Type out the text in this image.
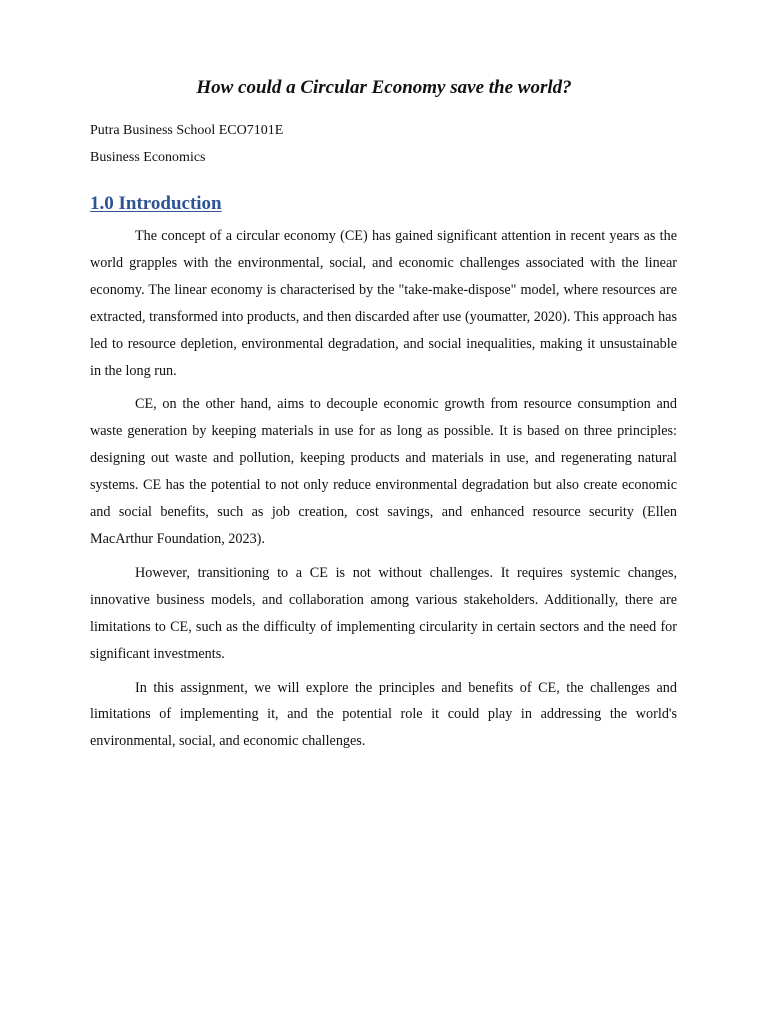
How could a Circular Economy save the world?

Putra Business School ECO7101E

Business Economics

1.0 Introduction

The concept of a circular economy (CE) has gained significant attention in recent years as the world grapples with the environmental, social, and economic challenges associated with the linear economy. The linear economy is characterised by the "take-make-dispose" model, where resources are extracted, transformed into products, and then discarded after use (youmatter, 2020). This approach has led to resource depletion, environmental degradation, and social inequalities, making it unsustainable in the long run.

CE, on the other hand, aims to decouple economic growth from resource consumption and waste generation by keeping materials in use for as long as possible. It is based on three principles: designing out waste and pollution, keeping products and materials in use, and regenerating natural systems. CE has the potential to not only reduce environmental degradation but also create economic and social benefits, such as job creation, cost savings, and enhanced resource security (Ellen MacArthur Foundation, 2023).

However, transitioning to a CE is not without challenges. It requires systemic changes, innovative business models, and collaboration among various stakeholders. Additionally, there are limitations to CE, such as the difficulty of implementing circularity in certain sectors and the need for significant investments.

In this assignment, we will explore the principles and benefits of CE, the challenges and limitations of implementing it, and the potential role it could play in addressing the world's environmental, social, and economic challenges.
